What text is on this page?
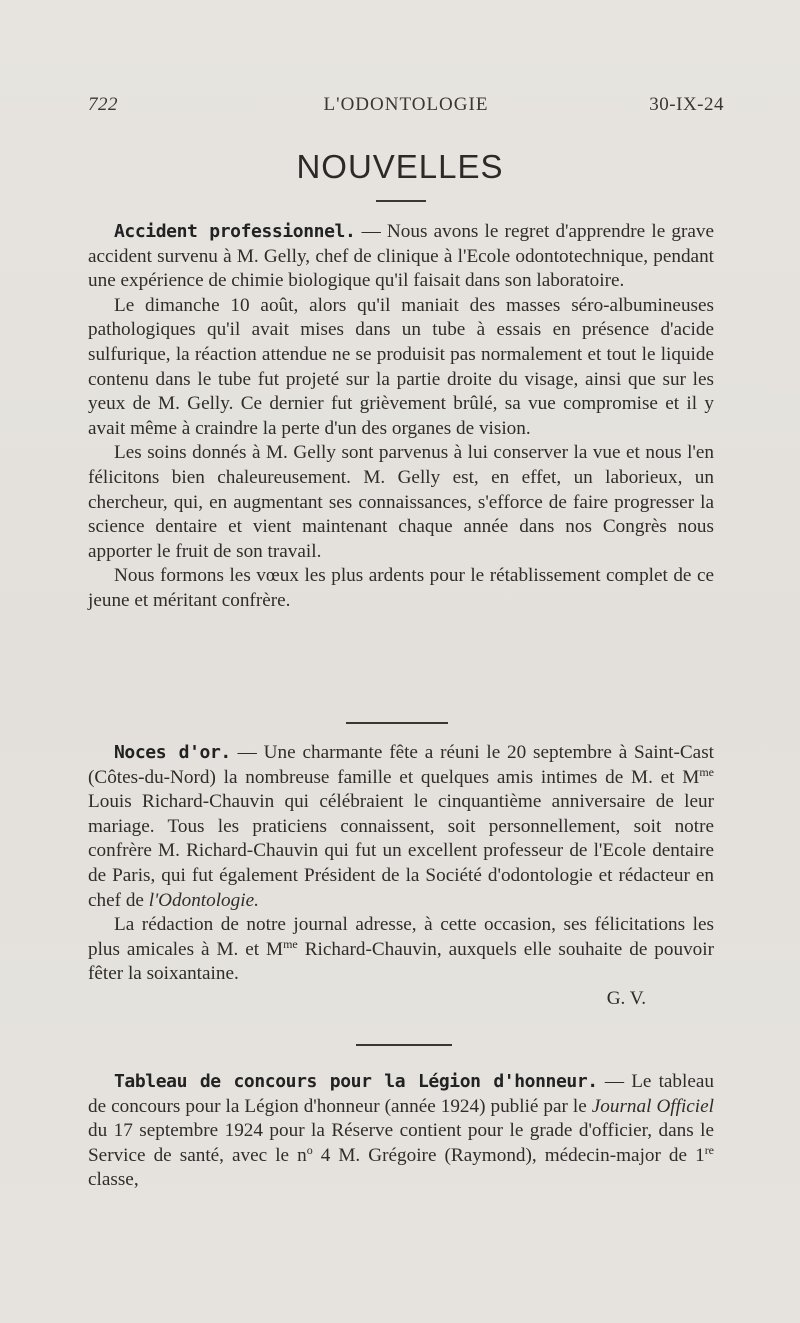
722	L'ODONTOLOGIE	30-IX-24
NOUVELLES

Accident professionnel. — Nous avons le regret d'apprendre le grave accident survenu à M. Gelly, chef de clinique à l'Ecole odontotechnique, pendant une expérience de chimie biologique qu'il faisait dans son laboratoire.

Le dimanche 10 août, alors qu'il maniait des masses séro-albumineuses pathologiques qu'il avait mises dans un tube à essais en présence d'acide sulfurique, la réaction attendue ne se produisit pas normalement et tout le liquide contenu dans le tube fut projeté sur la partie droite du visage, ainsi que sur les yeux de M. Gelly. Ce dernier fut grièvement brûlé, sa vue compromise et il y avait même à craindre la perte d'un des organes de vision.

Les soins donnés à M. Gelly sont parvenus à lui conserver la vue et nous l'en félicitons bien chaleureusement. M. Gelly est, en effet, un laborieux, un chercheur, qui, en augmentant ses connaissances, s'efforce de faire progresser la science dentaire et vient maintenant chaque année dans nos Congrès nous apporter le fruit de son travail.

Nous formons les vœux les plus ardents pour le rétablissement complet de ce jeune et méritant confrère.

Noces d'or. — Une charmante fête a réuni le 20 septembre à Saint-Cast (Côtes-du-Nord) la nombreuse famille et quelques amis intimes de M. et $M^{me}$ Louis Richard-Chauvin qui célébraient le cinquantième anniversaire de leur mariage. Tous les praticiens connaissent, soit personnellement, soit notre confrère M. Richard-Chauvin qui fut un excellent professeur de l'Ecole dentaire de Paris, qui fut également Président de la Société d'odontologie et rédacteur en chef de l'Odontologie.

La rédaction de notre journal adresse, à cette occasion, ses félicitations les plus amicales à M. et $M^{me}$ Richard-Chauvin, auxquels elle souhaite de pouvoir fêter la soixantaine.

G. V.

Tableau de concours pour la Légion d'honneur. — Le tableau de concours pour la Légion d'honneur (année 1924) publié par le Journal Officiel du 17 septembre 1924 pour la Réserve contient pour le grade d'officier, dans le Service de santé, avec le $n^o$ 4 M. Grégoire (Raymond), médecin-major de 1re classe,
